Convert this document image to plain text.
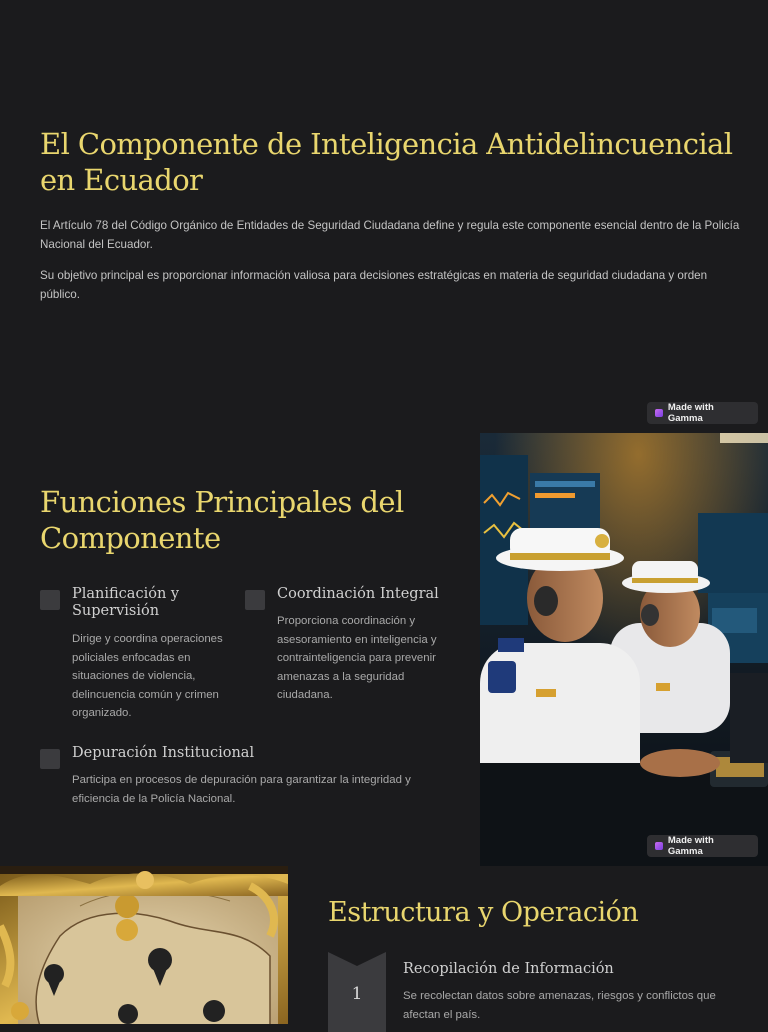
El Componente de Inteligencia Antidelincuencial en Ecuador

El Artículo 78 del Código Orgánico de Entidades de Seguridad Ciudadana define y regula este componente esencial dentro de la Policía Nacional del Ecuador.

Su objetivo principal es proporcionar información valiosa para decisiones estratégicas en materia de seguridad ciudadana y orden público.

Made with Gamma
Funciones Principales del Componente
Planificación y Supervisión

Dirige y coordina operaciones policiales enfocadas en situaciones de violencia, delincuencia común y crimen organizado.

Coordinación Integral

Proporciona coordinación y asesoramiento en inteligencia y contrainteligencia para prevenir amenazas a la seguridad ciudadana.

Depuración Institucional

Participa en procesos de depuración para garantizar la integridad y eficiencia de la Policía Nacional.

Made with Gamma
Estructura y Operación
1
Recopilación de Información

Se recolectan datos sobre amenazas, riesgos y conflictos que afectan el país.
